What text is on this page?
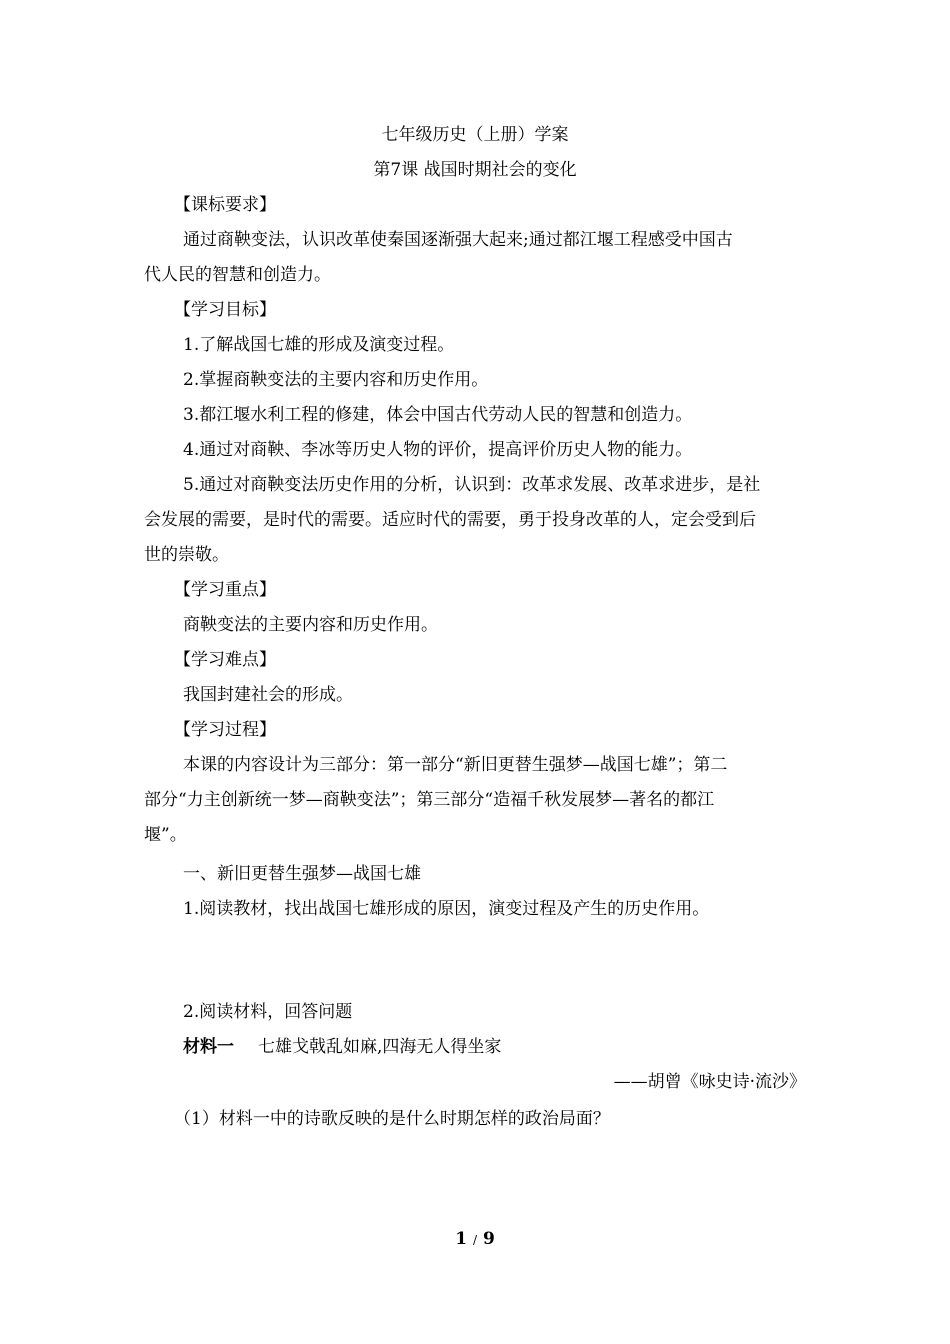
七年级历史（上册）学案
第7课 战国时期社会的变化
【课标要求】
通过商鞅变法，认识改革使秦国逐渐强大起来;通过都江堰工程感受中国古
代人民的智慧和创造力。
【学习目标】
1.了解战国七雄的形成及演变过程。
2.掌握商鞅变法的主要内容和历史作用。
3.都江堰水利工程的修建，体会中国古代劳动人民的智慧和创造力。
4.通过对商鞅、李冰等历史人物的评价，提高评价历史人物的能力。
5.通过对商鞅变法历史作用的分析，认识到：改革求发展、改革求进步，是社
会发展的需要，是时代的需要。适应时代的需要，勇于投身改革的人，定会受到后
世的崇敬。
【学习重点】
商鞅变法的主要内容和历史作用。
【学习难点】
我国封建社会的形成。
【学习过程】
本课的内容设计为三部分：第一部分“新旧更替生强梦—战国七雄”；第二
部分“力主创新统一梦—商鞅变法”；第三部分“造福千秋发展梦—著名的都江
堰”。
一、新旧更替生强梦—战国七雄
1.阅读教材，找出战国七雄形成的原因，演变过程及产生的历史作用。
2.阅读材料，回答问题
材料一 七雄戈戟乱如麻,四海无人得坐家
——胡曾《咏史诗·流沙》
（1）材料一中的诗歌反映的是什么时期怎样的政治局面？
1 / 9
